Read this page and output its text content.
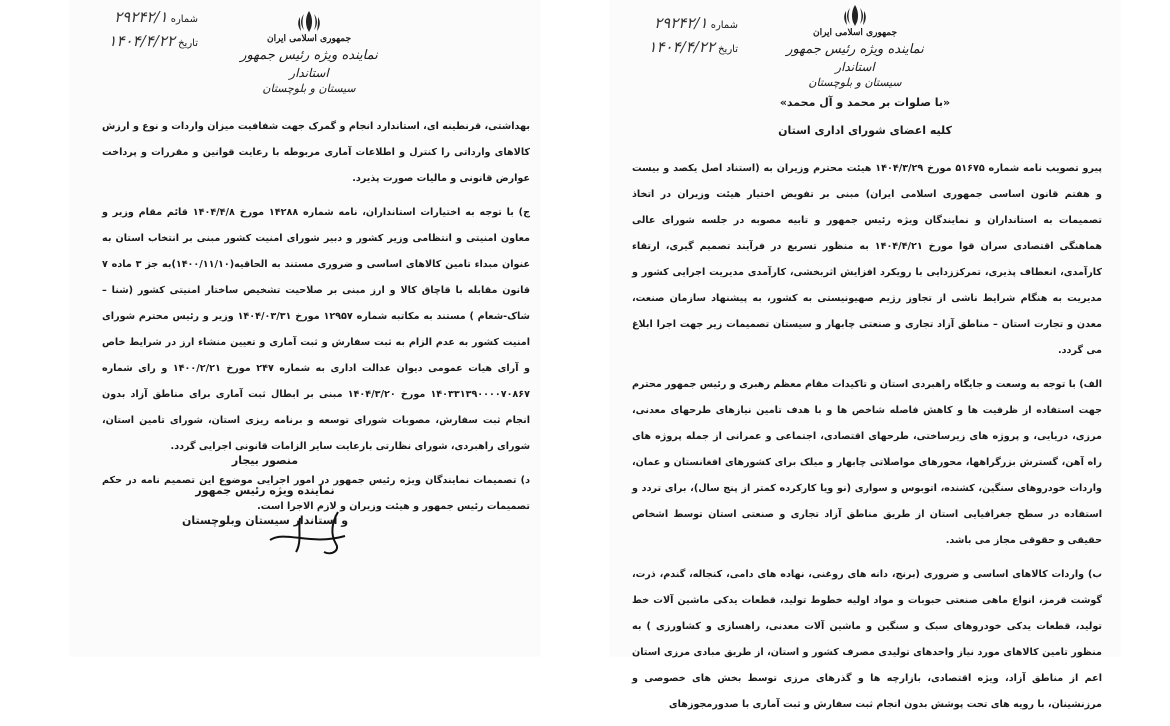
۲۹۲۴۲/۱ شماره
۱۴۰۴/۴/۲۲ تاریخ	جمهوری اسلامی ایران
نماینده ویژه رئیس جمهور
استاندار
سیستان و بلوچستان

بهداشتی، قرنطینه ای، استاندارد انجام و گمرک جهت شفافیت میزان واردات و نوع و ارزش کالاهای وارداتی را کنترل و اطلاعات آماری مربوطه با رعایت قوانین و مقررات و پرداخت عوارض قانونی و مالیات صورت پذیرد.

ج) با توجه به اختیارات استانداران، نامه شماره ۱۴۲۸۸ مورخ ۱۴۰۴/۴/۸ قائم مقام وزیر و معاون امنیتی و انتظامی وزیر کشور و دبیر شورای امنیت کشور مبنی بر انتخاب استان به عنوان مبداء تامین کالاهای اساسی و ضروری مستند به الحاقیه(۱۴۰۰/۱۱/۱۰)به جز ۳ ماده ۷ قانون مقابله با قاچاق کالا و ارز مبنی بر صلاحیت تشخیص ساختار امنیتی کشور (شنا –شاک-شعام ) مستند به مکاتبه شماره ۱۲۹۵۷ مورخ ۱۴۰۴/۰۳/۳۱ وزیر و رئیس محترم شورای امنیت کشور به عدم الزام به ثبت سفارش و ثبت آماری و تعیین منشاء ارز در شرایط خاص و آرای هیات عمومی دیوان عدالت اداری به شماره ۲۴۷ مورخ ۱۴۰۰/۲/۲۱ و رای شماره ۱۴۰۳۳۱۳۹۰۰۰۰۷۰۸۶۷ مورخ ۱۴۰۴/۳/۲۰ مبنی بر ابطال ثبت آماری برای مناطق آزاد بدون انجام ثبت سفارش، مصوبات شورای توسعه و برنامه ریزی استان، شورای تامین استان، شورای راهبردی، شورای نظارتی بارعایت سایر الزامات قانونی اجرایی گردد.

د) تصمیمات نمایندگان ویژه رئیس جمهور در امور اجرایی موضوع این تصمیم نامه در حکم تصمیمات رئیس جمهور و هیئت وزیران و لازم الاجرا است.

منصور بیجار
نماینده ویژه رئیس جمهور
و استاندار سیستان وبلوچستان
۲۹۲۴۲/۱ شماره
۱۴۰۴/۴/۲۲ تاریخ
جمهوری اسلامی ایران
نماینده ویژه رئیس جمهور
استاندار
سیستان و بلوچستان
«با صلوات بر محمد و آل محمد»
کلیه اعضای شورای اداری استان

پیرو تصویب نامه شماره ۵۱۶۷۵ مورخ ۱۴۰۴/۳/۲۹ هیئت محترم وزیران به (استناد اصل یکصد و بیست و هفتم قانون اساسی جمهوری اسلامی ایران) مبنی بر تفویض اختیار هیئت وزیران در اتخاذ تصمیمات به استانداران و نمایندگان ویژه رئیس جمهور و تابیه مصوبه در جلسه شورای عالی هماهنگی اقتصادی سران قوا مورخ ۱۴۰۴/۴/۲۱ به منظور تسریع در فرآیند تصمیم گیری، ارتقاء کارآمدی، انعطاف پذیری، تمرکززدایی با رویکرد افزایش اثربخشی، کارآمدی مدیریت اجرایی کشور و مدیریت به هنگام شرایط ناشی از تجاوز رژیم صهیونیستی به کشور، به پیشنهاد سازمان صنعت، معدن و تجارت استان – مناطق آزاد تجاری و صنعتی چابهار و سیستان تصمیمات زیر جهت اجرا ابلاغ می گردد.

الف) با توجه به وسعت و جایگاه راهبردی استان و تاکیدات مقام معظم رهبری و رئیس جمهور محترم جهت استفاده از ظرفیت ها و کاهش فاصله شاخص ها و با هدف تامین نیازهای طرحهای معدنی، مرزی، دریایی، و پروژه های زیرساختی، طرحهای اقتصادی، اجتماعی و عمرانی از جمله پروژه های راه آهن، گسترش بزرگراهها، محورهای مواصلاتی چابهار و میلک برای کشورهای افغانستان و عمان، واردات خودروهای سنگین، کشنده، اتوبوس و سواری (نو ویا کارکرده کمتر از پنج سال)، برای تردد و استفاده در سطح جغرافیایی استان از طریق مناطق آزاد تجاری و صنعتی استان توسط اشخاص حقیقی و حقوقی مجاز می باشد.

ب) واردات کالاهای اساسی و ضروری (برنج، دانه های روغنی، نهاده های دامی، کنجاله، گندم، ذرت، گوشت قرمز، انواع ماهی صنعتی حبوبات و مواد اولیه خطوط تولید، قطعات یدکی ماشین آلات خط تولید، قطعات یدکی خودروهای سبک و سنگین و ماشین آلات معدنی، راهسازی و کشاورزی ) به منظور تامین کالاهای مورد نیاز واحدهای تولیدی مصرف کشور و استان، از طریق مبادی مرزی استان اعم از مناطق آزاد، ویژه اقتصادی، بازارچه ها و گذرهای مرزی توسط بخش های خصوصی و مرزنشینان، با رویه های تحت پوشش بدون انجام ثبت سفارش و ثبت آماری با صدورمجوزهای
